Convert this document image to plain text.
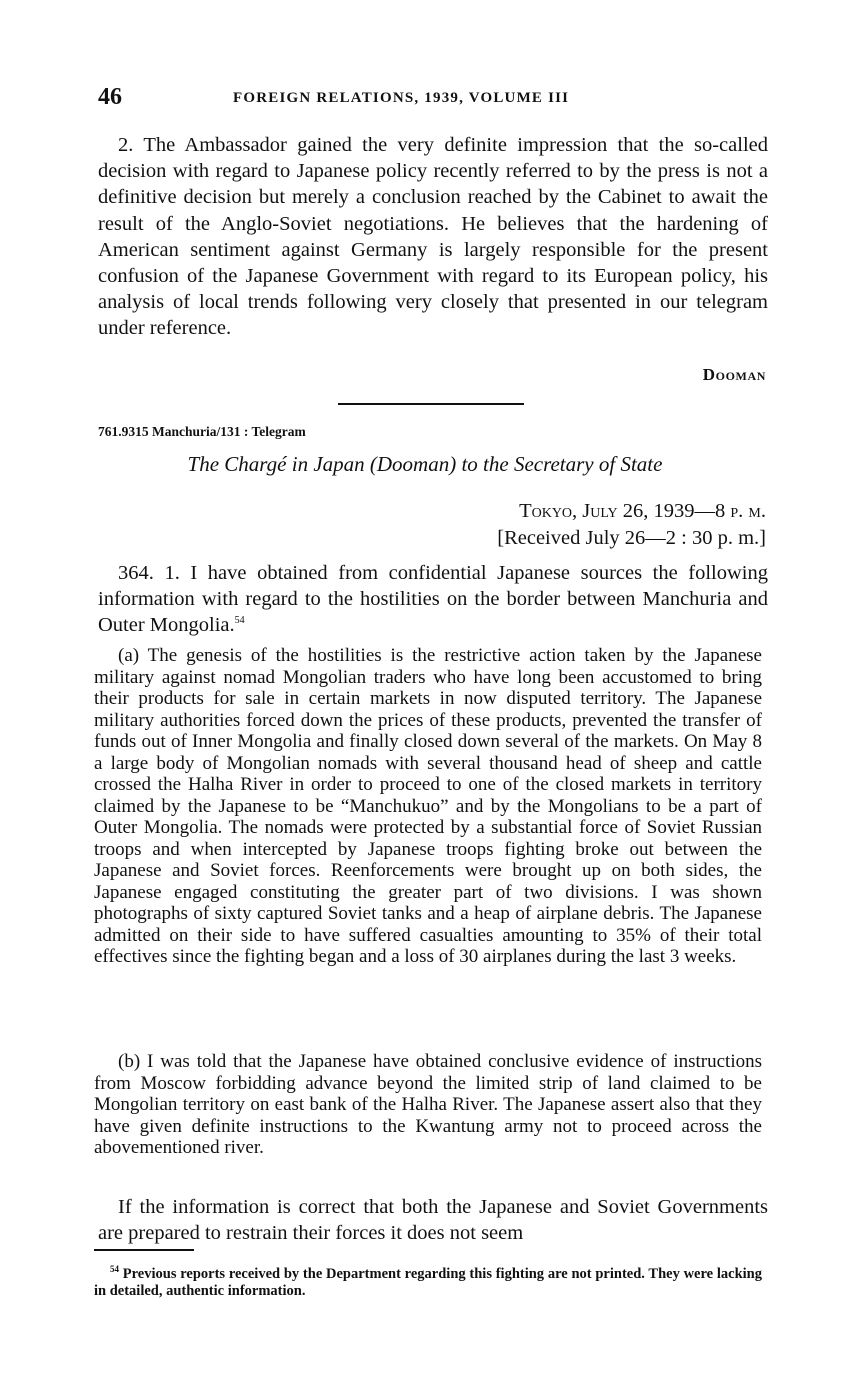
46	FOREIGN RELATIONS, 1939, VOLUME III

2. The Ambassador gained the very definite impression that the so-called decision with regard to Japanese policy recently referred to by the press is not a definitive decision but merely a conclusion reached by the Cabinet to await the result of the Anglo-Soviet negotiations. He believes that the hardening of American sentiment against Germany is largely responsible for the present confusion of the Japanese Government with regard to its European policy, his analysis of local trends following very closely that presented in our telegram under reference.

Dooman
761.9315 Manchuria/131 : Telegram
The Chargé in Japan (Dooman) to the Secretary of State
Tokyo, July 26, 1939—8 p. m.
[Received July 26—2 : 30 p. m.]

364. 1. I have obtained from confidential Japanese sources the following information with regard to the hostilities on the border between Manchuria and Outer Mongolia.$^{54}$

(a) The genesis of the hostilities is the restrictive action taken by the Japanese military against nomad Mongolian traders who have long been accustomed to bring their products for sale in certain markets in now disputed territory. The Japanese military authorities forced down the prices of these products, prevented the transfer of funds out of Inner Mongolia and finally closed down several of the markets. On May 8 a large body of Mongolian nomads with several thousand head of sheep and cattle crossed the Halha River in order to proceed to one of the closed markets in territory claimed by the Japanese to be “Manchukuo” and by the Mongolians to be a part of Outer Mongolia. The nomads were protected by a substantial force of Soviet Russian troops and when intercepted by Japanese troops fighting broke out between the Japanese and Soviet forces. Reenforcements were brought up on both sides, the Japanese engaged constituting the greater part of two divisions. I was shown photographs of sixty captured Soviet tanks and a heap of airplane debris. The Japanese admitted on their side to have suffered casualties amounting to 35% of their total effectives since the fighting began and a loss of 30 airplanes during the last 3 weeks.

(b) I was told that the Japanese have obtained conclusive evidence of instructions from Moscow forbidding advance beyond the limited strip of land claimed to be Mongolian territory on east bank of the Halha River. The Japanese assert also that they have given definite instructions to the Kwantung army not to proceed across the abovementioned river.

If the information is correct that both the Japanese and Soviet Governments are prepared to restrain their forces it does not seem

$^{54}$ Previous reports received by the Department regarding this fighting are not printed. They were lacking in detailed, authentic information.
